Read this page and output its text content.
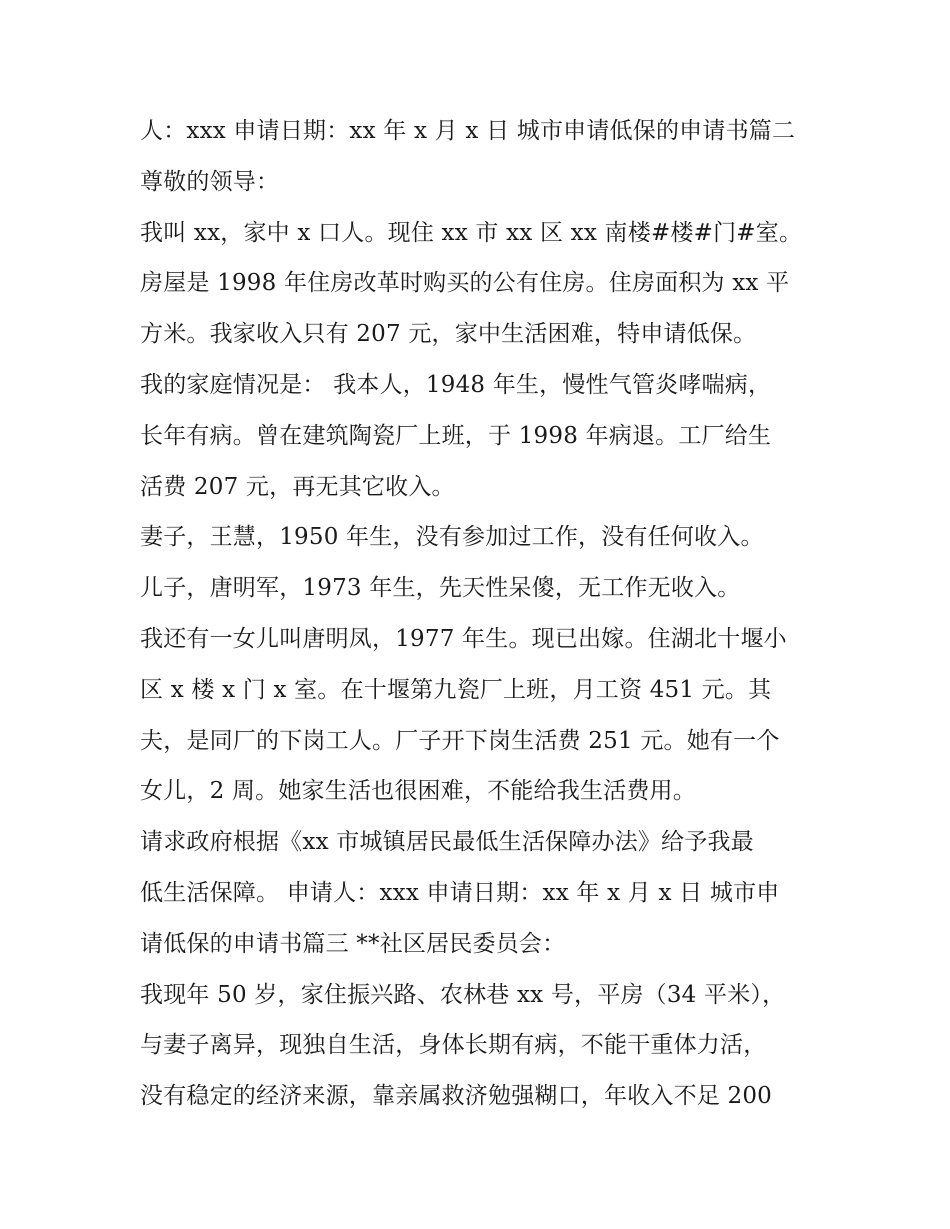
人：xxx 申请日期：xx 年 x 月 x 日 城市申请低保的申请书篇二
尊敬的领导：
我叫 xx，家中 x 口人。现住 xx 市 xx 区 xx 南楼#楼#门#室。
房屋是 1998 年住房改革时购买的公有住房。住房面积为 xx 平
方米。我家收入只有 207 元，家中生活困难，特申请低保。
我的家庭情况是： 我本人，1948 年生，慢性气管炎哮喘病，
长年有病。曾在建筑陶瓷厂上班，于 1998 年病退。工厂给生
活费 207 元，再无其它收入。
妻子，王慧，1950 年生，没有参加过工作，没有任何收入。
儿子，唐明军，1973 年生，先天性呆傻，无工作无收入。
我还有一女儿叫唐明凤，1977 年生。现已出嫁。住湖北十堰小
区 x 楼 x 门 x 室。在十堰第九瓷厂上班，月工资 451 元。其
夫，是同厂的下岗工人。厂子开下岗生活费 251 元。她有一个
女儿，2 周。她家生活也很困难，不能给我生活费用。
请求政府根据《xx 市城镇居民最低生活保障办法》给予我最
低生活保障。 申请人：xxx 申请日期：xx 年 x 月 x 日 城市申
请低保的申请书篇三 **社区居民委员会：
我现年 50 岁，家住振兴路、农林巷 xx 号，平房（34 平米），
与妻子离异，现独自生活，身体长期有病，不能干重体力活，
没有稳定的经济来源，靠亲属救济勉强糊口，年收入不足 200
